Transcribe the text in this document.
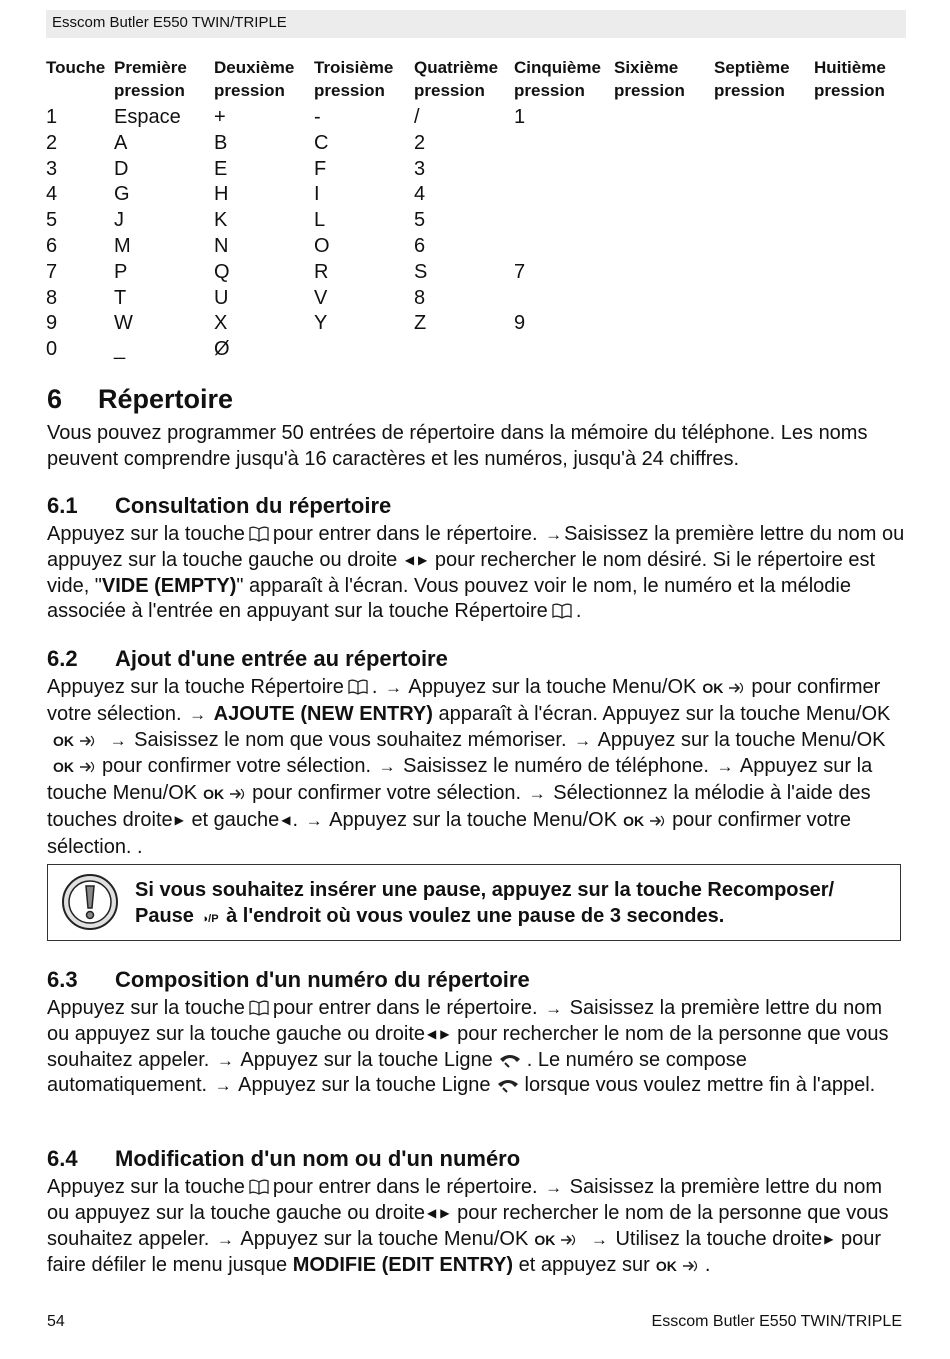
Esscom Butler E550 TWIN/TRIPLE
Touche	Première pression	Deuxième pression	Troisième pression	Quatrième pression	Cinquième pression	Sixième pression	Septième pression	Huitième pression
1	Espace	+	-	/	1			
2	A	B	C	2				
3	D	E	F	3				
4	G	H	I	4				
5	J	K	L	5				
6	M	N	O	6				
7	P	Q	R	S	7			
8	T	U	V	8				
9	W	X	Y	Z	9			
0	_	Ø						
6 Répertoire

Vous pouvez programmer 50 entrées de répertoire dans la mémoire du téléphone. Les noms peuvent comprendre jusqu'à 16 caractères et les numéros, jusqu'à 24 chiffres.

6.1 Consultation du répertoire

Appuyez sur la touche pour entrer dans le répertoire. → Saisissez la première lettre du nom ou appuyez sur la touche gauche ou droite ◀ ▶ pour rechercher le nom désiré. Si le répertoire est vide, "VIDE (EMPTY)" apparaît à l'écran. Vous pouvez voir le nom, le numéro et la mélodie associée à l'entrée en appuyant sur la touche Répertoire .

6.2 Ajout d'une entrée au répertoire

Appuyez sur la touche Répertoire . → Appuyez sur la touche Menu/OK OK pour confirmer votre sélection. → AJOUTE (NEW ENTRY) apparaît à l'écran. Appuyez sur la touche Menu/OKOK → Saisissez le nom que vous souhaitez mémoriser. → Appuyez sur la touche Menu/OKOK pour confirmer votre sélection. → Saisissez le numéro de téléphone. → Appuyez sur la touche Menu/OK OK pour confirmer votre sélection. → Sélectionnez la mélodie à l'aide des touches droite ▶ et gauche ◀ . → Appuyez sur la touche Menu/OK OK pour confirmer votre sélection. .

Si vous souhaitez insérer une pause, appuyez sur la touche Recomposer/ Pause ◑/P à l'endroit où vous voulez une pause de 3 secondes.
6.3 Composition d'un numéro du répertoire

Appuyez sur la touche pour entrer dans le répertoire. → Saisissez la première lettre du nom ou appuyez sur la touche gauche ou droite ◀ ▶ pour rechercher le nom de la personne que vous souhaitez appeler. → Appuyez sur la touche Ligne . Le numéro se compose automatiquement. → Appuyez sur la touche Ligne lorsque vous voulez mettre fin à l'appel.

6.4 Modification d'un nom ou d'un numéro

Appuyez sur la touche pour entrer dans le répertoire. → Saisissez la première lettre du nom ou appuyez sur la touche gauche ou droite ◀ ▶ pour rechercher le nom de la personne que vous souhaitez appeler. → Appuyez sur la touche Menu/OK OK → Utilisez la touche droite ▶ pour faire défiler le menu jusque MODIFIE (EDIT ENTRY) et appuyez sur OK .

54	Esscom Butler E550 TWIN/TRIPLE
